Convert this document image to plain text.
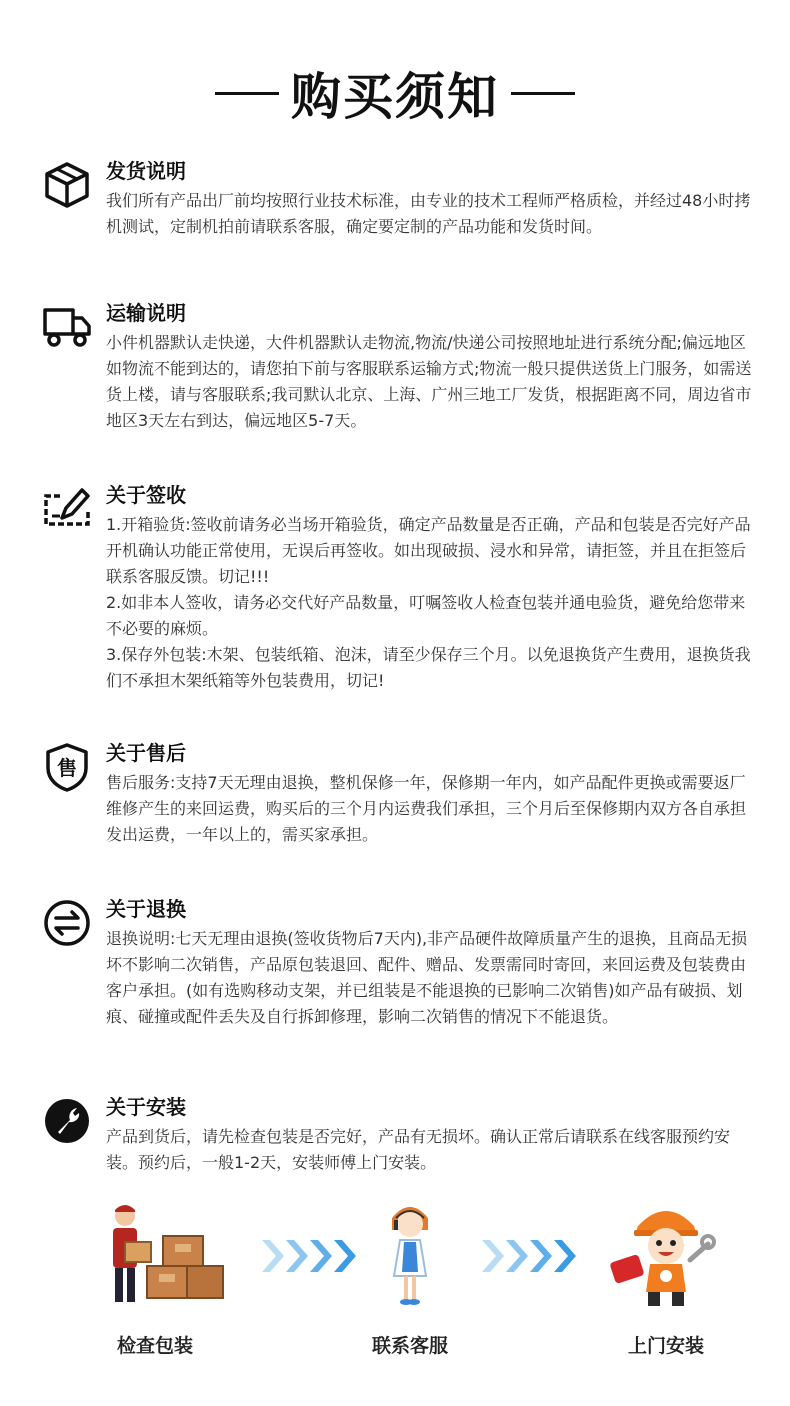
购买须知
发货说明

我们所有产品出厂前均按照行业技术标准，由专业的技术工程师严格质检，并经过48小时拷机测试，定制机拍前请联系客服，确定要定制的产品功能和发货时间。

运输说明

小件机器默认走快递，大件机器默认走物流,物流/快递公司按照地址进行系统分配;偏远地区如物流不能到达的，请您拍下前与客服联系运输方式;物流一般只提供送货上门服务，如需送货上楼，请与客服联系;我司默认北京、上海、广州三地工厂发货，根据距离不同，周边省市地区3天左右到达，偏远地区5-7天。

关于签收

1.开箱验货:签收前请务必当场开箱验货，确定产品数量是否正确，产品和包装是否完好产品开机确认功能正常使用，无误后再签收。如出现破损、浸水和异常，请拒签，并且在拒签后联系客服反馈。切记!!!

2.如非本人签收，请务必交代好产品数量，叮嘱签收人检查包装并通电验货，避免给您带来不必要的麻烦。

3.保存外包装:木架、包装纸箱、泡沫，请至少保存三个月。以免退换货产生费用，退换货我们不承担木架纸箱等外包装费用，切记!

售
关于售后

售后服务:支持7天无理由退换，整机保修一年，保修期一年内，如产品配件更换或需要返厂维修产生的来回运费，购买后的三个月内运费我们承担，三个月后至保修期内双方各自承担发出运费，一年以上的，需买家承担。

关于退换

退换说明:七天无理由退换(签收货物后7天内),非产品硬件故障质量产生的退换，且商品无损坏不影响二次销售，产品原包装退回、配件、赠品、发票需同时寄回，来回运费及包装费由客户承担。(如有选购移动支架，并已组装是不能退换的已影响二次销售)如产品有破损、划痕、碰撞或配件丢失及自行拆卸修理，影响二次销售的情况下不能退货。

关于安装

产品到货后，请先检查包装是否完好，产品有无损坏。确认正常后请联系在线客服预约安装。预约后，一般1-2天，安装师傅上门安装。

检查包装	联系客服	上门安装
